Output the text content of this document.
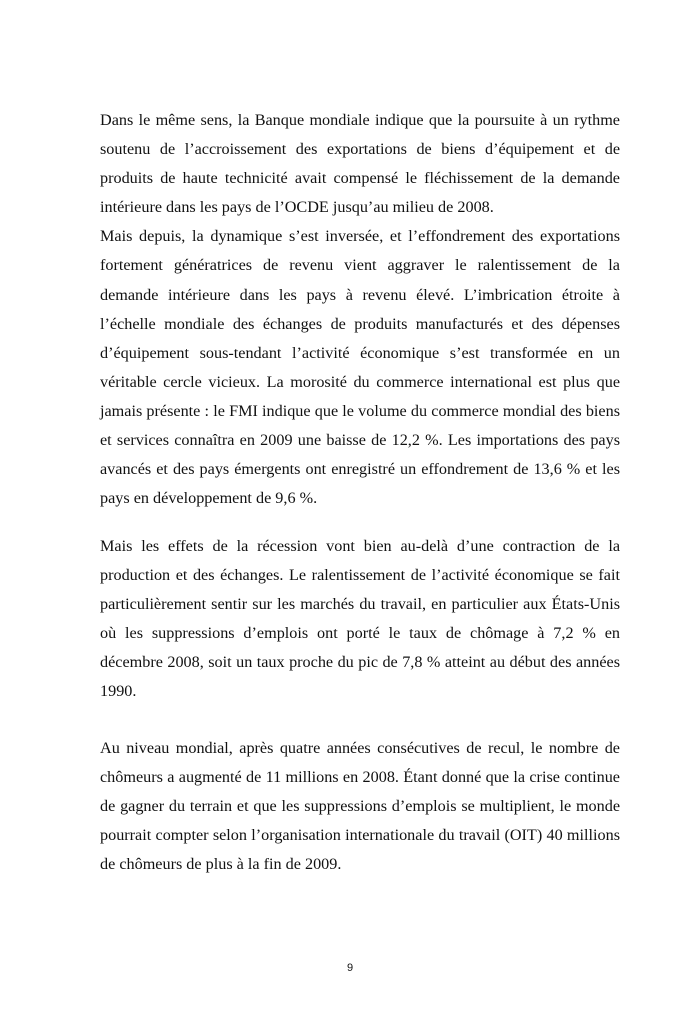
Dans le même sens, la Banque mondiale indique que la poursuite à un rythme soutenu de l’accroissement des exportations de biens d’équipement et de produits de haute technicité avait compensé le fléchissement de la demande intérieure dans les pays de l’OCDE jusqu’au milieu de 2008.

Mais depuis, la dynamique s’est inversée, et l’effondrement des exportations fortement génératrices de revenu vient aggraver le ralentissement de la demande intérieure dans les pays à revenu élevé. L’imbrication étroite à l’échelle mondiale des échanges de produits manufacturés et des dépenses d’équipement sous-tendant l’activité économique s’est transformée en un véritable cercle vicieux. La morosité du commerce international est plus que jamais présente : le FMI indique que le volume du commerce mondial des biens et services connaîtra en 2009 une baisse de 12,2 %. Les importations des pays avancés et des pays émergents ont enregistré un effondrement de 13,6 % et les pays en développement de 9,6 %.

Mais les effets de la récession vont bien au-delà d’une contraction de la production et des échanges. Le ralentissement de l’activité économique se fait particulièrement sentir sur les marchés du travail, en particulier aux États-Unis où les suppressions d’emplois ont porté le taux de chômage à 7,2 % en décembre 2008, soit un taux proche du pic de 7,8 % atteint au début des années 1990.

Au niveau mondial, après quatre années consécutives de recul, le nombre de chômeurs a augmenté de 11 millions en 2008. Étant donné que la crise continue de gagner du terrain et que les suppressions d’emplois se multiplient, le monde pourrait compter selon l’organisation internationale du travail (OIT) 40 millions de chômeurs de plus à la fin de 2009.

9
